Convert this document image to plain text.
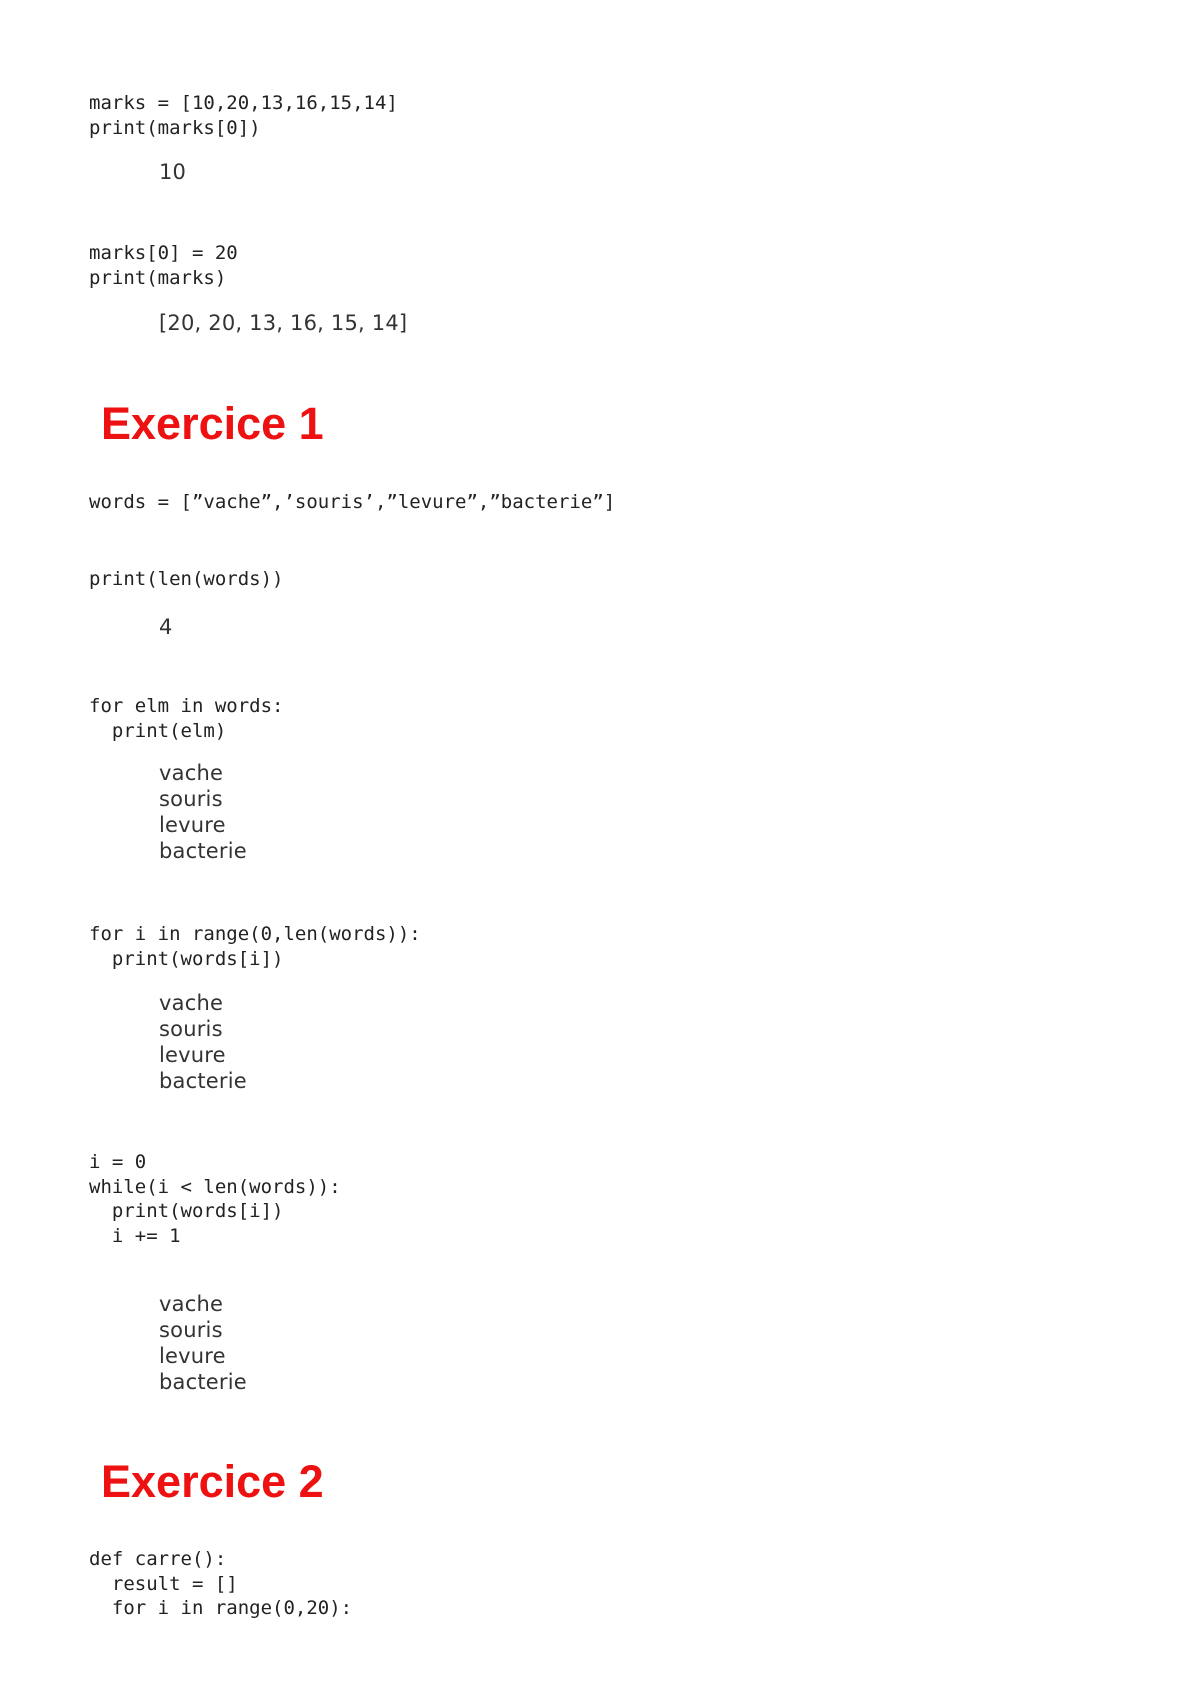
marks = [10,20,13,16,15,14]
print(marks[0])
10
marks[0] = 20
print(marks)
[20, 20, 13, 16, 15, 14]
Exercice 1
words = [”vache”,’souris’,”levure”,”bacterie”]
print(len(words))
4
for elm in words:
print(elm)
vache
souris
levure
bacterie
for i in range(0,len(words)):
print(words[i])
vache
souris
levure
bacterie
i = 0
while(i < len(words)):
print(words[i])
i += 1
vache
souris
levure
bacterie
Exercice 2
def carre():
result = []
for i in range(0,20):
